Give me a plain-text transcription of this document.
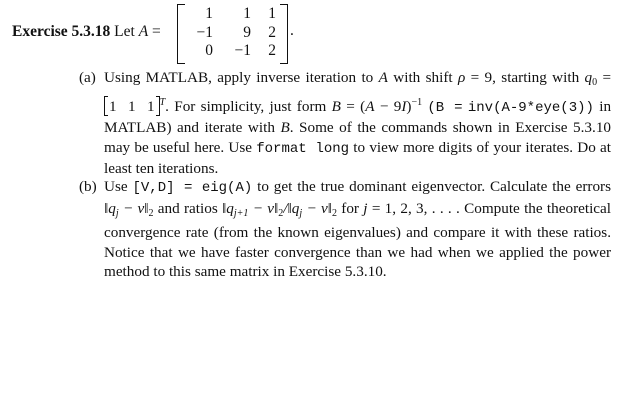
Exercise 5.3.18 Let A =
1	1	1
−1	9	2
0	−1	2
.
(a) Using MATLAB, apply inverse iteration to A with shift ρ = 9, starting with $q_0 = 1$   1   1 $^T$. For simplicity, just form $B = (A - 9I)^{-1}$ (B = inv(A-9*eye(3)) in MATLAB) and iterate with B. Some of the commands shown in Exercise 5.3.10 may be useful here. Use format long to view more digits of your iterates. Do at least ten iterations.
(b) Use [V,D] = eig(A) to get the true dominant eigenvector. Calculate the errors $‖q_j$ − $v‖_2$ and ratios $‖q_{j+1}$ − $v‖_2/‖q_j$ − $v‖_2$ for j = 1, 2, 3, . . . . Compute the theoretical convergence rate (from the known eigenvalues) and compare it with these ratios. Notice that we have faster convergence than we had when we applied the power method to this same matrix in Exercise 5.3.10.
